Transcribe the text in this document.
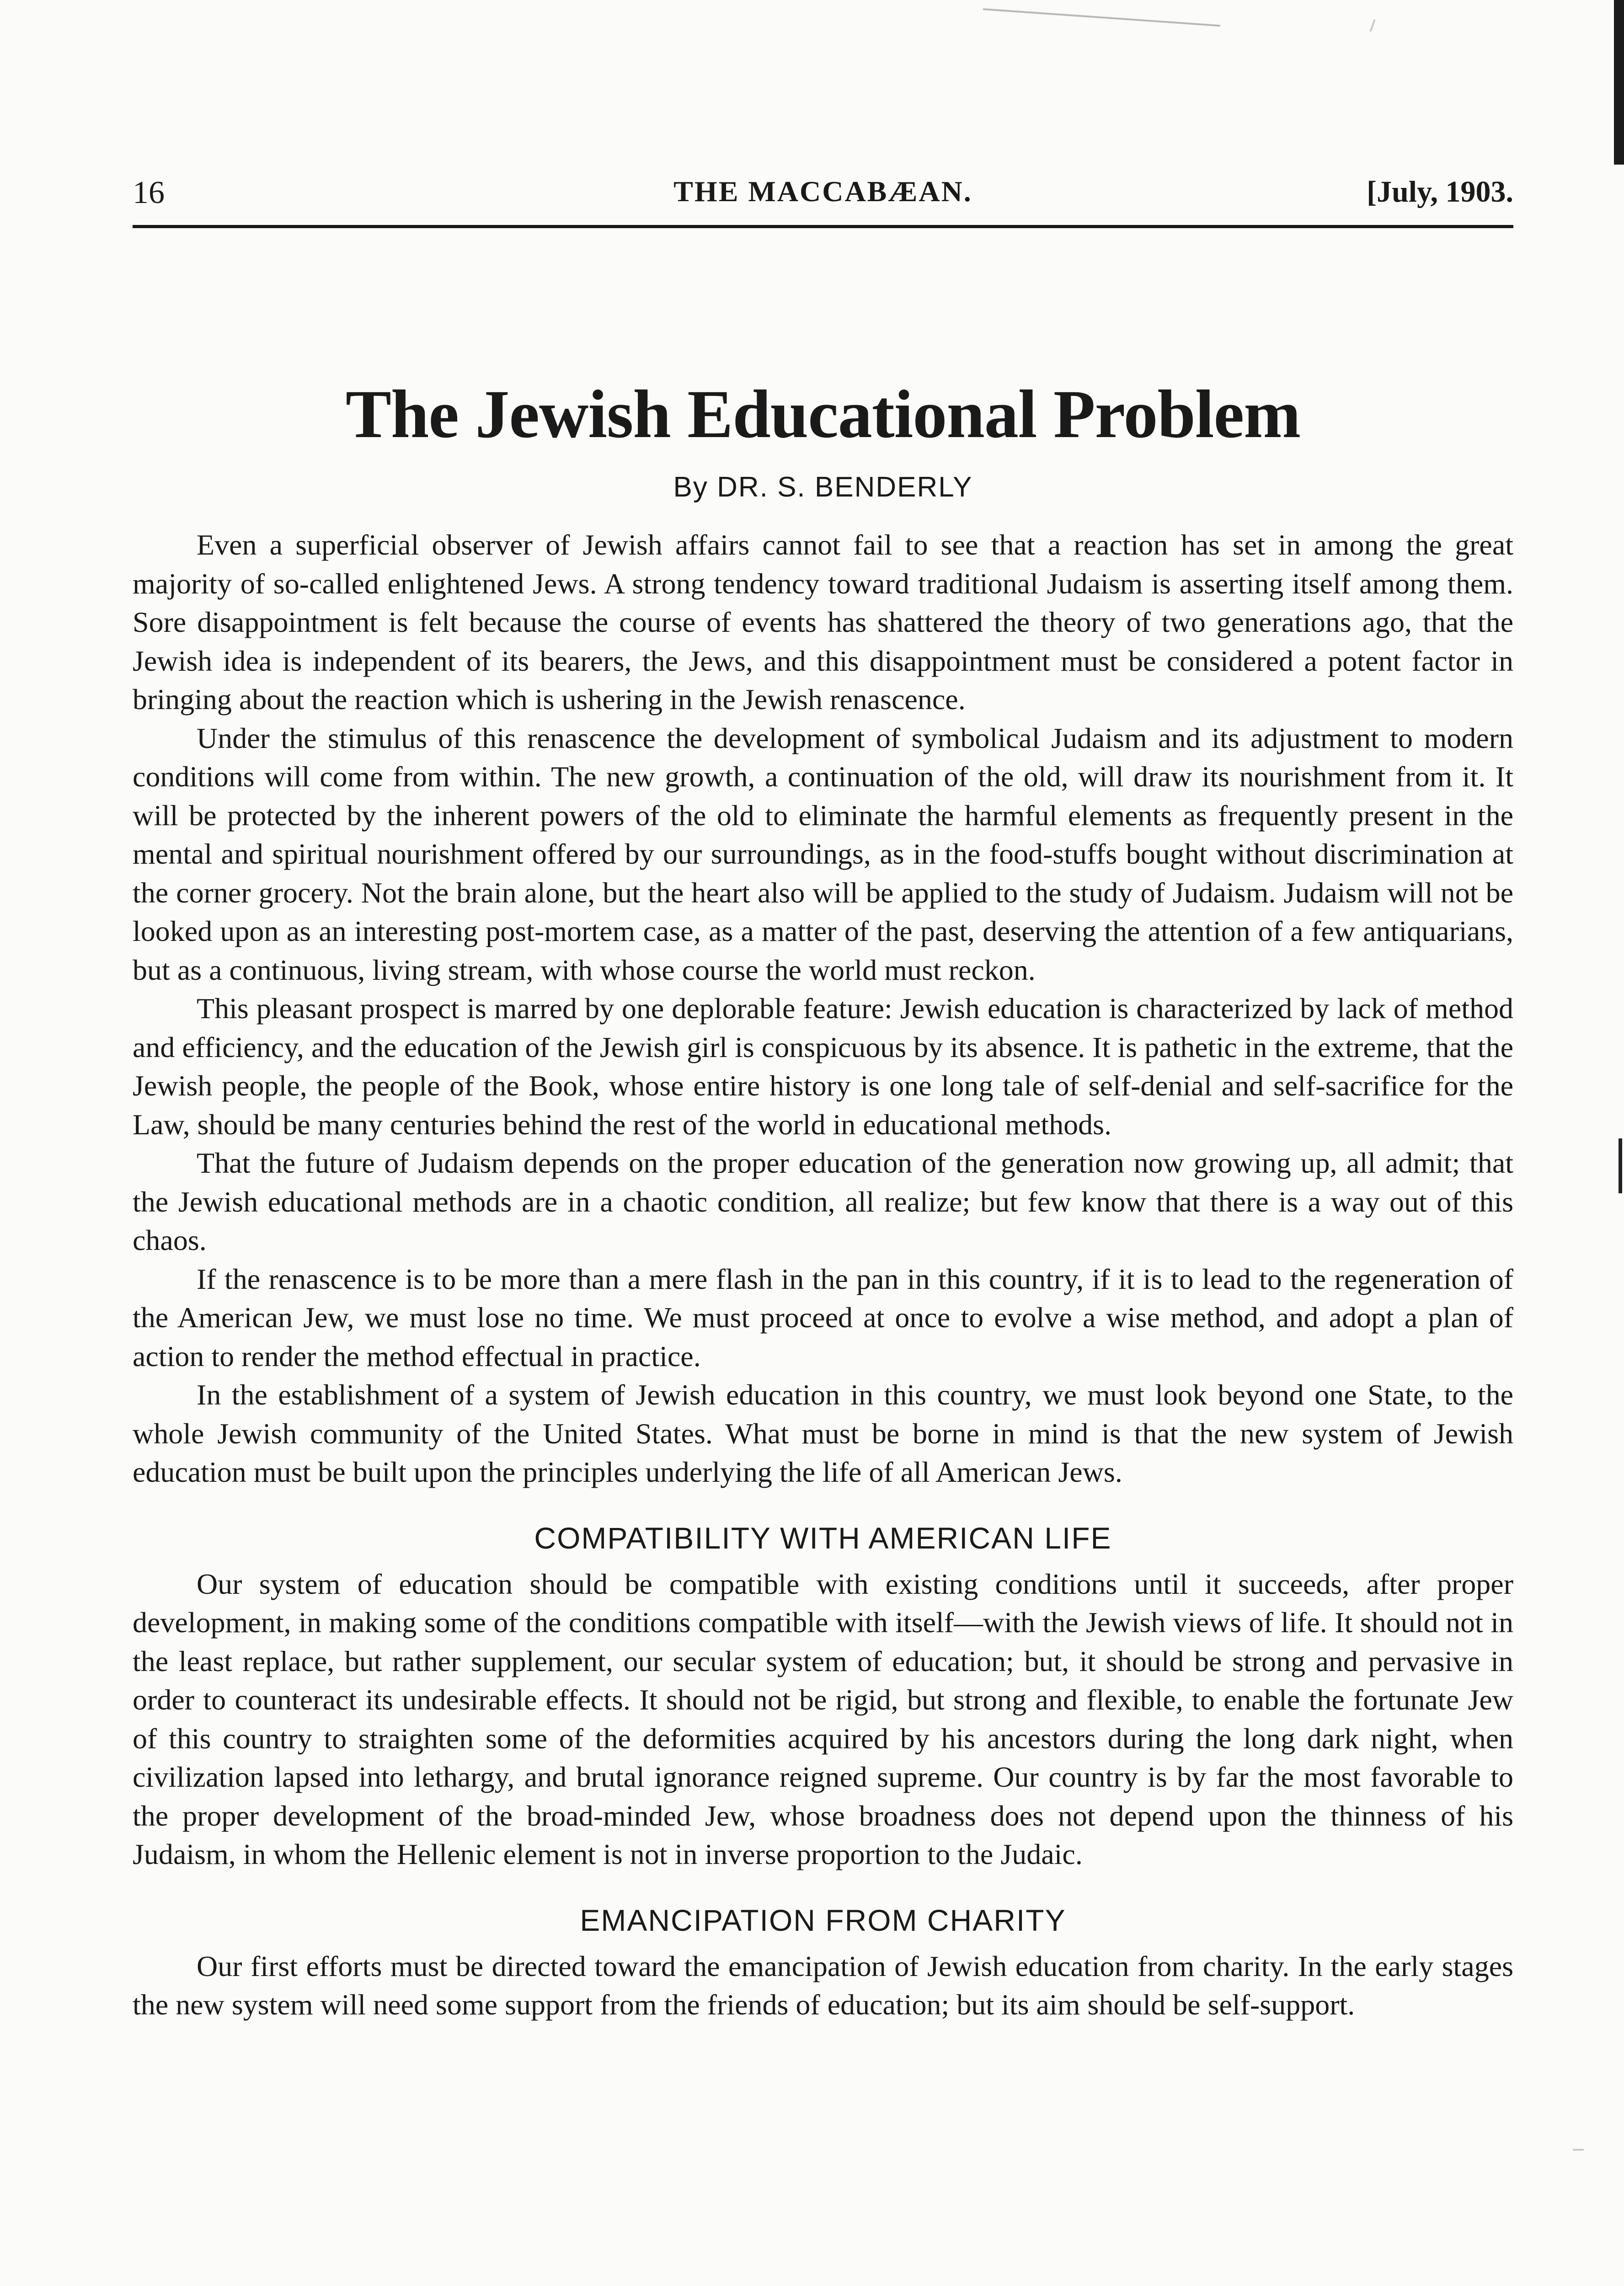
16	THE MACCABÆAN.	[July, 1903.
The Jewish Educational Problem
By DR. S. BENDERLY

Even a superficial observer of Jewish affairs cannot fail to see that a reaction has set in among the great majority of so-called enlightened Jews. A strong tendency toward traditional Judaism is asserting itself among them. Sore disappointment is felt because the course of events has shattered the theory of two generations ago, that the Jewish idea is independent of its bearers, the Jews, and this disappointment must be considered a potent factor in bringing about the reaction which is ushering in the Jewish renascence.

Under the stimulus of this renascence the development of symbolical Judaism and its adjustment to modern conditions will come from within. The new growth, a continuation of the old, will draw its nourishment from it. It will be protected by the inherent powers of the old to eliminate the harmful elements as frequently present in the mental and spiritual nourishment offered by our surroundings, as in the food-stuffs bought without discrimination at the corner grocery. Not the brain alone, but the heart also will be applied to the study of Judaism. Judaism will not be looked upon as an interesting post-mortem case, as a matter of the past, deserving the attention of a few antiquarians, but as a continuous, living stream, with whose course the world must reckon.

This pleasant prospect is marred by one deplorable feature: Jewish education is characterized by lack of method and efficiency, and the education of the Jewish girl is conspicuous by its absence. It is pathetic in the extreme, that the Jewish people, the people of the Book, whose entire history is one long tale of self-denial and self-sacrifice for the Law, should be many centuries behind the rest of the world in educational methods.

That the future of Judaism depends on the proper education of the generation now growing up, all admit; that the Jewish educational methods are in a chaotic condition, all realize; but few know that there is a way out of this chaos.

If the renascence is to be more than a mere flash in the pan in this country, if it is to lead to the regeneration of the American Jew, we must lose no time. We must proceed at once to evolve a wise method, and adopt a plan of action to render the method effectual in practice.

In the establishment of a system of Jewish education in this country, we must look beyond one State, to the whole Jewish community of the United States. What must be borne in mind is that the new system of Jewish education must be built upon the principles underlying the life of all American Jews.

COMPATIBILITY WITH AMERICAN LIFE

Our system of education should be compatible with existing conditions until it succeeds, after proper development, in making some of the conditions compatible with itself—with the Jewish views of life. It should not in the least replace, but rather supplement, our secular system of education; but, it should be strong and pervasive in order to counteract its undesirable effects. It should not be rigid, but strong and flexible, to enable the fortunate Jew of this country to straighten some of the deformities acquired by his ancestors during the long dark night, when civilization lapsed into lethargy, and brutal ignorance reigned supreme. Our country is by far the most favorable to the proper development of the broad-minded Jew, whose broadness does not depend upon the thinness of his Judaism, in whom the Hellenic element is not in inverse proportion to the Judaic.

EMANCIPATION FROM CHARITY

Our first efforts must be directed toward the emancipation of Jewish education from charity. In the early stages the new system will need some support from the friends of education; but its aim should be self-support.
